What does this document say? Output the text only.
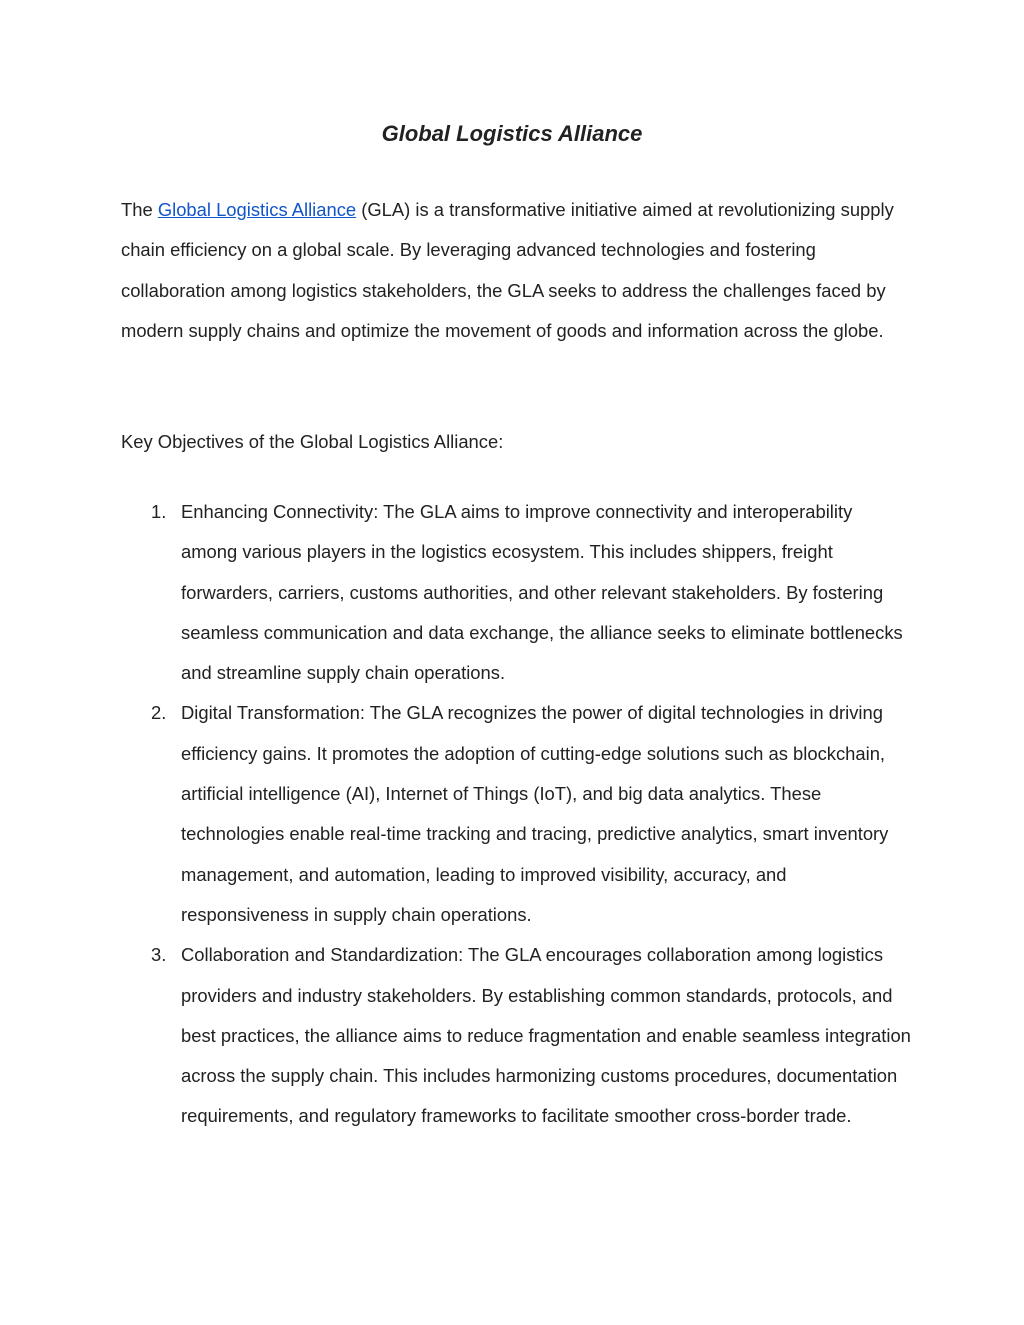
Global Logistics Alliance

The Global Logistics Alliance (GLA) is a transformative initiative aimed at revolutionizing supply chain efficiency on a global scale. By leveraging advanced technologies and fostering collaboration among logistics stakeholders, the GLA seeks to address the challenges faced by modern supply chains and optimize the movement of goods and information across the globe.

Key Objectives of the Global Logistics Alliance:

1. Enhancing Connectivity: The GLA aims to improve connectivity and interoperability among various players in the logistics ecosystem. This includes shippers, freight forwarders, carriers, customs authorities, and other relevant stakeholders. By fostering seamless communication and data exchange, the alliance seeks to eliminate bottlenecks and streamline supply chain operations.
2. Digital Transformation: The GLA recognizes the power of digital technologies in driving efficiency gains. It promotes the adoption of cutting-edge solutions such as blockchain, artificial intelligence (AI), Internet of Things (IoT), and big data analytics. These technologies enable real-time tracking and tracing, predictive analytics, smart inventory management, and automation, leading to improved visibility, accuracy, and responsiveness in supply chain operations.
3. Collaboration and Standardization: The GLA encourages collaboration among logistics providers and industry stakeholders. By establishing common standards, protocols, and best practices, the alliance aims to reduce fragmentation and enable seamless integration across the supply chain. This includes harmonizing customs procedures, documentation requirements, and regulatory frameworks to facilitate smoother cross-border trade.
